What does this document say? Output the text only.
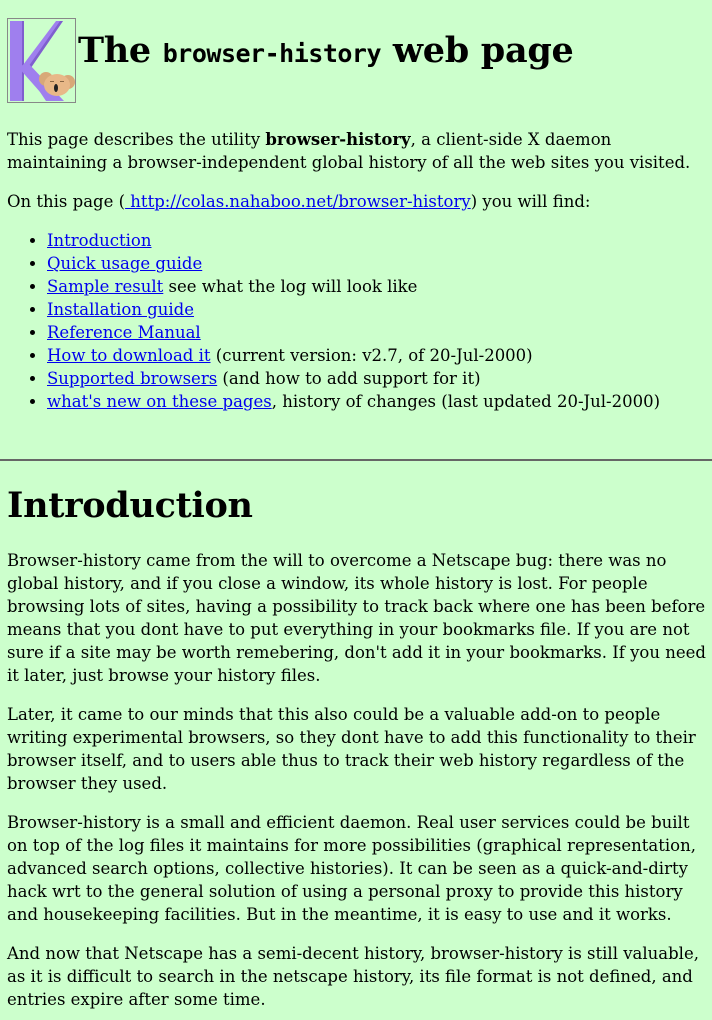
The browser-history web page

This page describes the utility browser-history, a client-side X daemon maintaining a browser-independent global history of all the web sites you visited.

On this page ( http://colas.nahaboo.net/browser-history) you will find:

• Introduction
• Quick usage guide
• Sample result see what the log will look like
• Installation guide
• Reference Manual
• How to download it (current version: v2.7, of 20-Jul-2000)
• Supported browsers (and how to add support for it)
• what's new on these pages, history of changes (last updated 20-Jul-2000)
Introduction

Browser-history came from the will to overcome a Netscape bug: there was no global history, and if you close a window, its whole history is lost. For people browsing lots of sites, having a possibility to track back where one has been before means that you dont have to put everything in your bookmarks file. If you are not sure if a site may be worth remebering, don't add it in your bookmarks. If you need it later, just browse your history files.

Later, it came to our minds that this also could be a valuable add-on to people writing experimental browsers, so they dont have to add this functionality to their browser itself, and to users able thus to track their web history regardless of the browser they used.

Browser-history is a small and efficient daemon. Real user services could be built on top of the log files it maintains for more possibilities (graphical representation, advanced search options, collective histories). It can be seen as a quick-and-dirty hack wrt to the general solution of using a personal proxy to provide this history and housekeeping facilities. But in the meantime, it is easy to use and it works.

And now that Netscape has a semi-decent history, browser-history is still valuable, as it is difficult to search in the netscape history, its file format is not defined, and entries expire after some time.
